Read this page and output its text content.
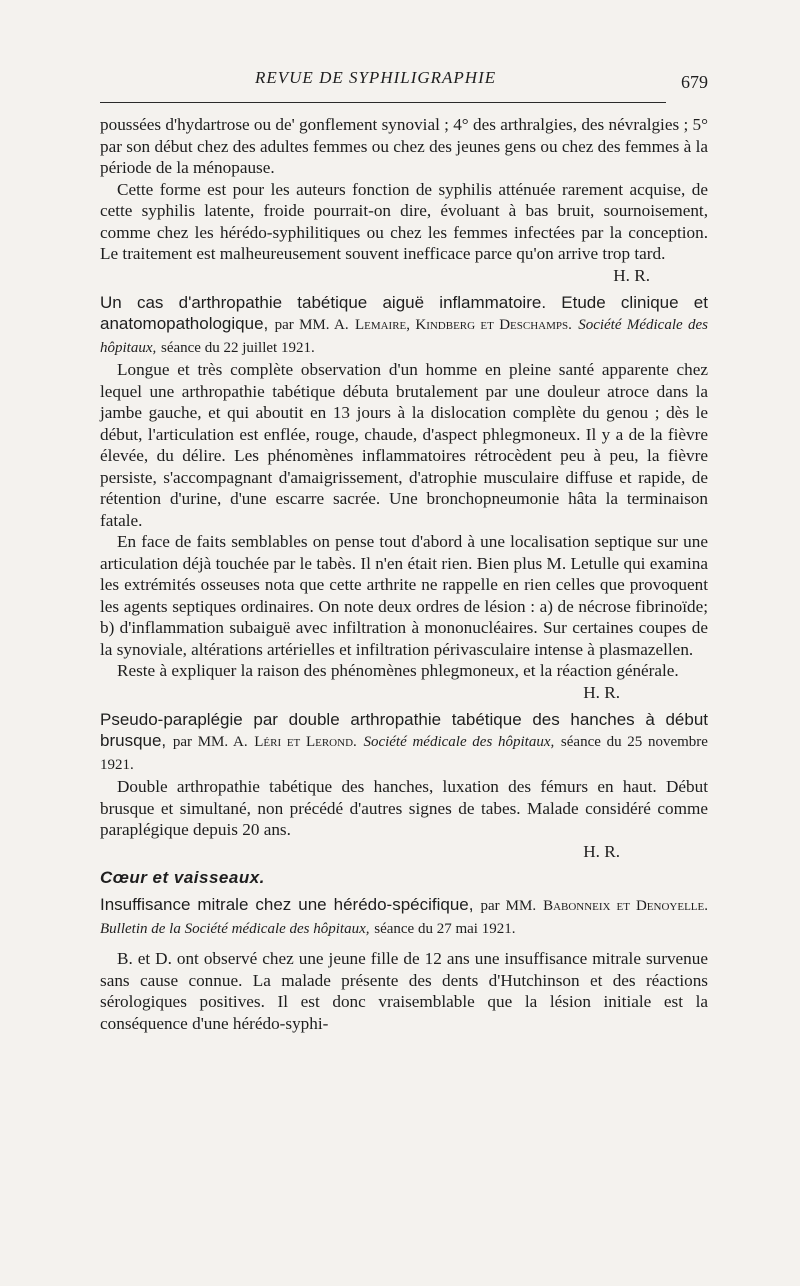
REVUE DE SYPHILIGRAPHIE	679

poussées d'hydartrose ou de' gonflement synovial ; 4° des arthralgies, des névralgies ; 5° par son début chez des adultes femmes ou chez des jeunes gens ou chez des femmes à la période de la ménopause.

Cette forme est pour les auteurs fonction de syphilis atténuée rarement acquise, de cette syphilis latente, froide pourrait-on dire, évoluant à bas bruit, sournoisement, comme chez les hérédo-syphilitiques ou chez les femmes infectées par la conception. Le traitement est malheureusement souvent inefficace parce qu'on arrive trop tard.

H. R.
Un cas d'arthropathie tabétique aiguë inflammatoire. Etude clinique et anatomopathologique, par MM. A. Lemaire, Kindberg et Deschamps. Société Médicale des hôpitaux, séance du 22 juillet 1921.

Longue et très complète observation d'un homme en pleine santé apparente chez lequel une arthropathie tabétique débuta brutalement par une douleur atroce dans la jambe gauche, et qui aboutit en 13 jours à la dislocation complète du genou ; dès le début, l'articulation est enflée, rouge, chaude, d'aspect phlegmoneux. Il y a de la fièvre élevée, du délire. Les phénomènes inflammatoires rétrocèdent peu à peu, la fièvre persiste, s'accompagnant d'amaigrissement, d'atrophie musculaire diffuse et rapide, de rétention d'urine, d'une escarre sacrée. Une bronchopneumonie hâta la terminaison fatale.

En face de faits semblables on pense tout d'abord à une localisation septique sur une articulation déjà touchée par le tabès. Il n'en était rien. Bien plus M. Letulle qui examina les extrémités osseuses nota que cette arthrite ne rappelle en rien celles que provoquent les agents septiques ordinaires. On note deux ordres de lésion : a) de nécrose fibrinoïde; b) d'inflammation subaiguë avec infiltration à mononucléaires. Sur certaines coupes de la synoviale, altérations artérielles et infiltration périvasculaire intense à plasmazellen.

Reste à expliquer la raison des phénomènes phlegmoneux, et la réaction générale.

H. R.
Pseudo-paraplégie par double arthropathie tabétique des hanches à début brusque, par MM. A. Léri et Lerond. Société médicale des hôpitaux, séance du 25 novembre 1921.

Double arthropathie tabétique des hanches, luxation des fémurs en haut. Début brusque et simultané, non précédé d'autres signes de tabes. Malade considéré comme paraplégique depuis 20 ans.

H. R.
Cœur et vaisseaux.
Insuffisance mitrale chez une hérédo-spécifique, par MM. Babonneix et Denoyelle. Bulletin de la Société médicale des hôpitaux, séance du 27 mai 1921.

B. et D. ont observé chez une jeune fille de 12 ans une insuffisance mitrale survenue sans cause connue. La malade présente des dents d'Hutchinson et des réactions sérologiques positives. Il est donc vraisemblable que la lésion initiale est la conséquence d'une hérédo-syphi-
